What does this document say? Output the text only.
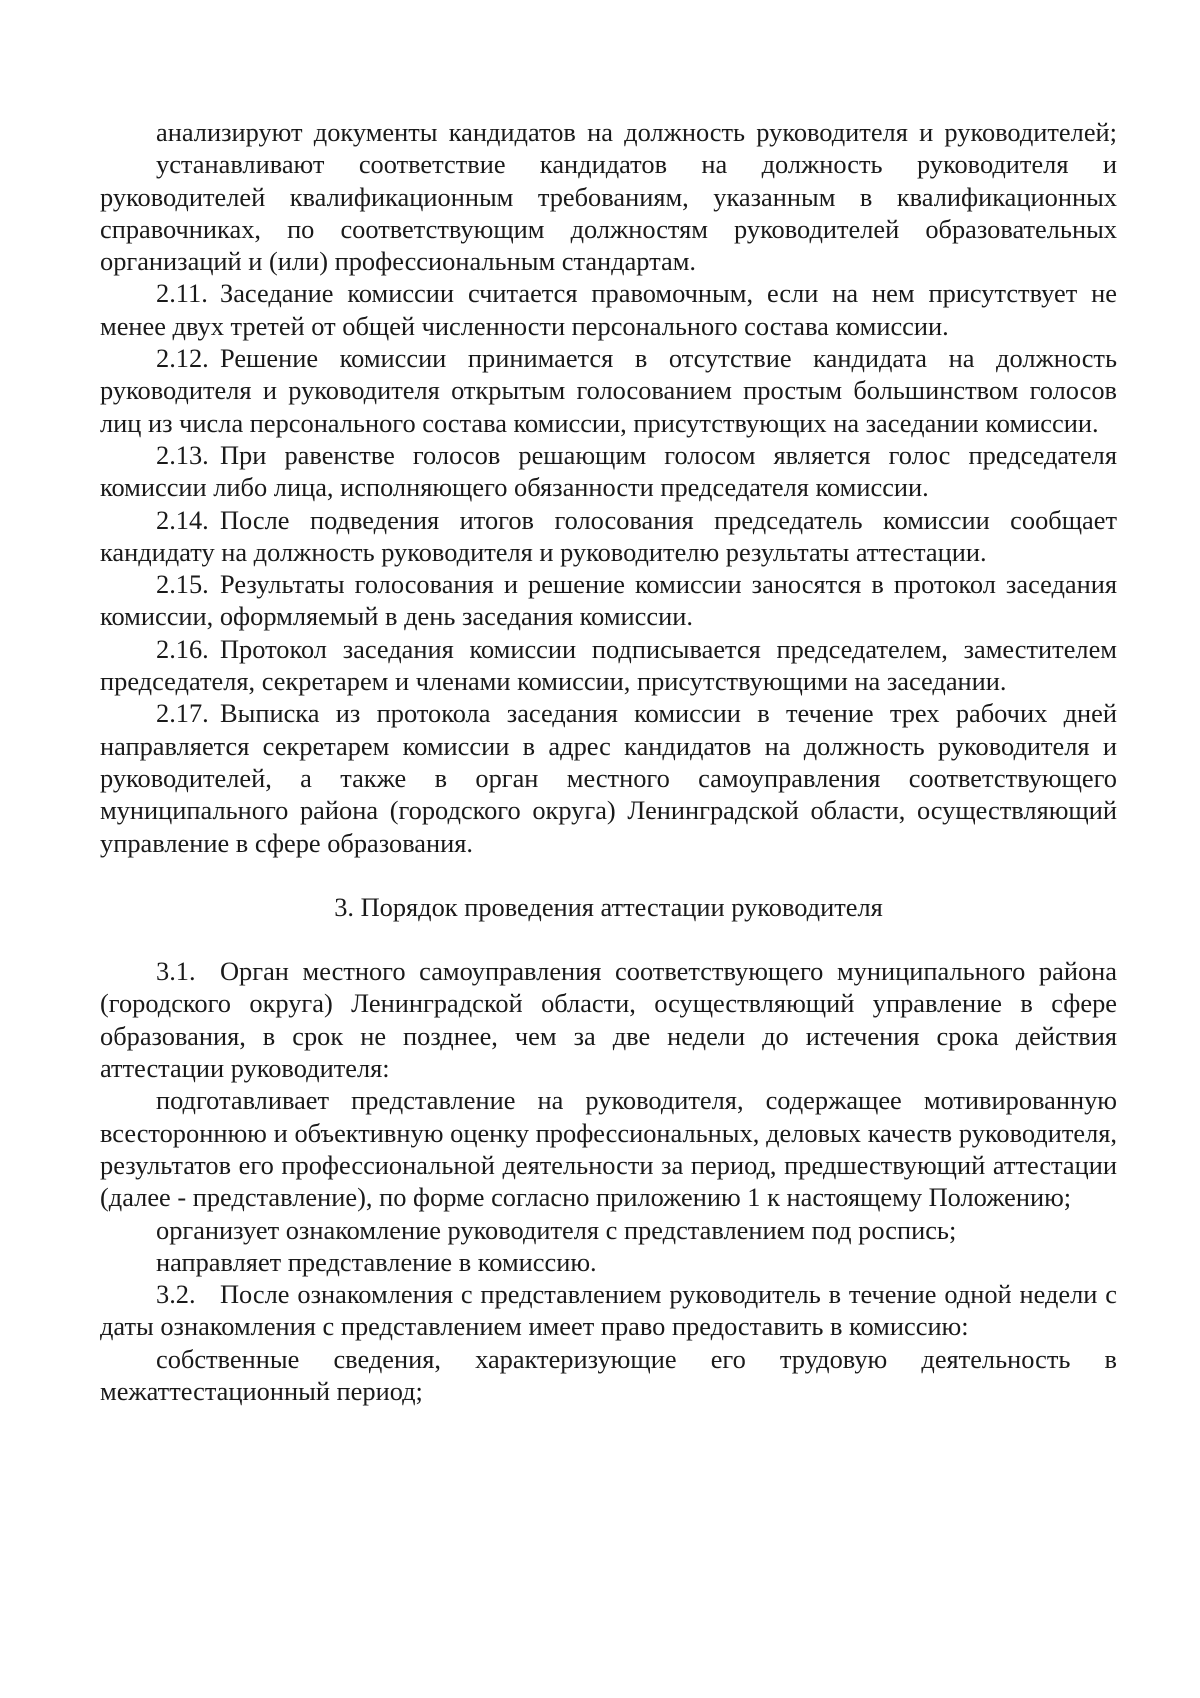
анализируют документы кандидатов на должность руководителя и руководителей;

устанавливают соответствие кандидатов на должность руководителя и руководителей квалификационным требованиям, указанным в квалификационных справочниках, по соответствующим должностям руководителей образовательных организаций и (или) профессиональным стандартам.

2.11. Заседание комиссии считается правомочным, если на нем присутствует не менее двух третей от общей численности персонального состава комиссии.

2.12. Решение комиссии принимается в отсутствие кандидата на должность руководителя и руководителя открытым голосованием простым большинством голосов лиц из числа персонального состава комиссии, присутствующих на заседании комиссии.

2.13. При равенстве голосов решающим голосом является голос председателя комиссии либо лица, исполняющего обязанности председателя комиссии.

2.14. После подведения итогов голосования председатель комиссии сообщает кандидату на должность руководителя и руководителю результаты аттестации.

2.15. Результаты голосования и решение комиссии заносятся в протокол заседания комиссии, оформляемый в день заседания комиссии.

2.16. Протокол заседания комиссии подписывается председателем, заместителем председателя, секретарем и членами комиссии, присутствующими на заседании.

2.17. Выписка из протокола заседания комиссии в течение трех рабочих дней направляется секретарем комиссии в адрес кандидатов на должность руководителя и руководителей, а также в орган местного самоуправления соответствующего муниципального района (городского округа) Ленинградской области, осуществляющий управление в сфере образования.

3. Порядок проведения аттестации руководителя

3.1. Орган местного самоуправления соответствующего муниципального района (городского округа) Ленинградской области, осуществляющий управление в сфере образования, в срок не позднее, чем за две недели до истечения срока действия аттестации руководителя:

подготавливает представление на руководителя, содержащее мотивированную всестороннюю и объективную оценку профессиональных, деловых качеств руководителя, результатов его профессиональной деятельности за период, предшествующий аттестации (далее - представление), по форме согласно приложению 1 к настоящему Положению;

организует ознакомление руководителя с представлением под роспись;

направляет представление в комиссию.

3.2. После ознакомления с представлением руководитель в течение одной недели с даты ознакомления с представлением имеет право предоставить в комиссию:

собственные сведения, характеризующие его трудовую деятельность в межаттестационный период;
